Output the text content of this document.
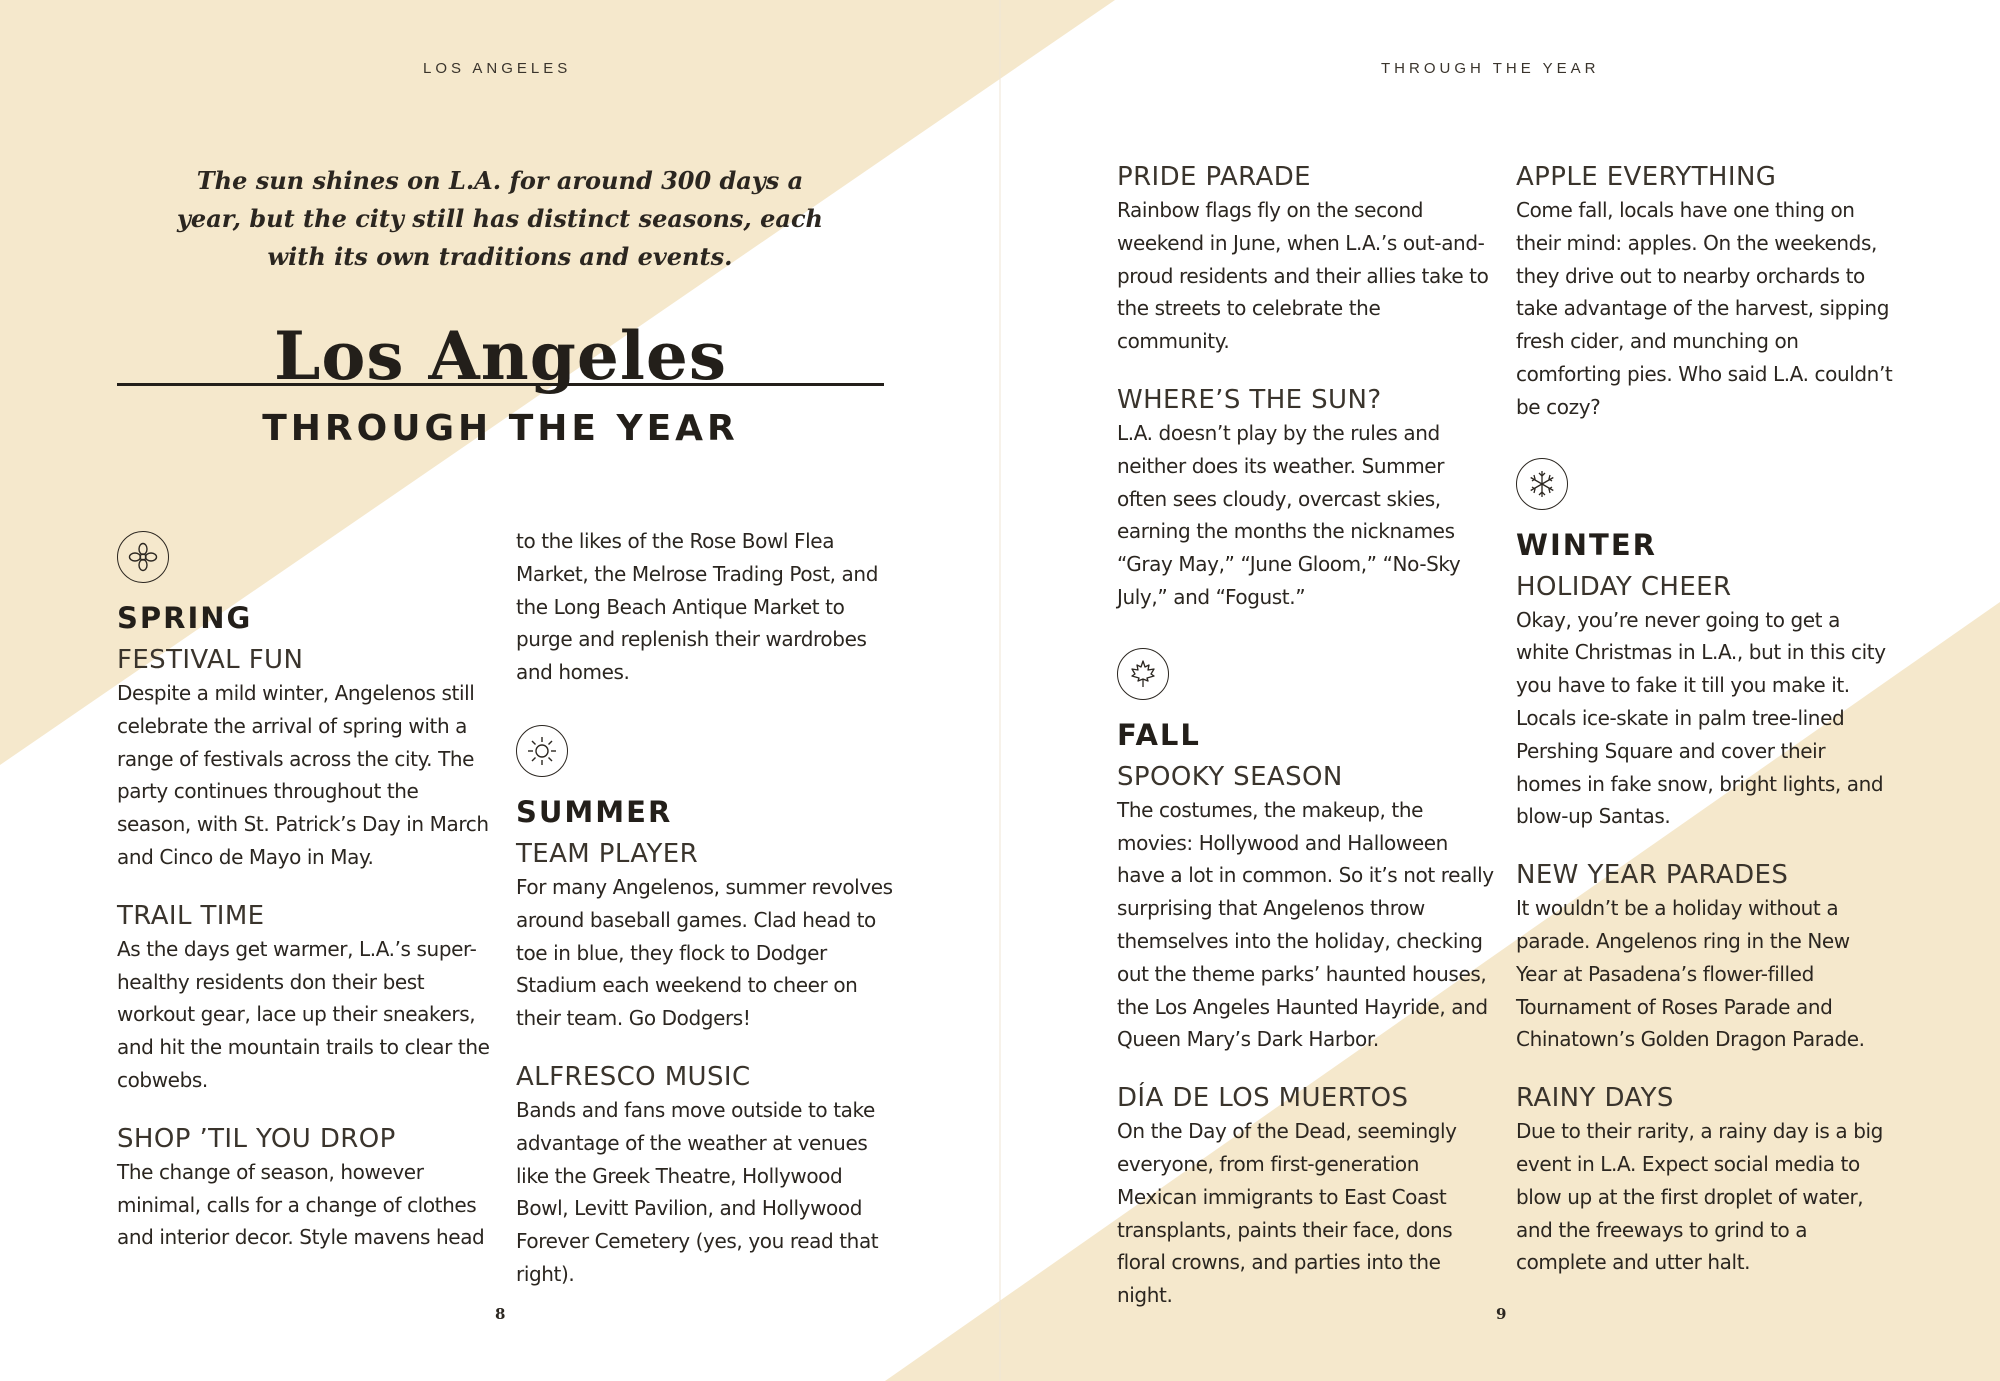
LOS ANGELES
The sun shines on L.A. for around 300 days a year, but the city still has distinct seasons, each with its own traditions and events.
Los Angeles
THROUGH THE YEAR
SPRING

FESTIVAL FUN

Despite a mild winter, Angelenos still celebrate the arrival of spring with a range of festivals across the city. The party continues throughout the season, with St. Patrick’s Day in March and Cinco de Mayo in May.

TRAIL TIME

As the days get warmer, L.A.’s super-healthy residents don their best workout gear, lace up their sneakers, and hit the mountain trails to clear the cobwebs.

SHOP ’TIL YOU DROP

The change of season, however minimal, calls for a change of clothes and interior decor. Style mavens head

to the likes of the Rose Bowl Flea Market, the Melrose Trading Post, and the Long Beach Antique Market to purge and replenish their wardrobes and homes.

SUMMER

TEAM PLAYER

For many Angelenos, summer revolves around baseball games. Clad head to toe in blue, they flock to Dodger Stadium each weekend to cheer on their team. Go Dodgers!

ALFRESCO MUSIC

Bands and fans move outside to take advantage of the weather at venues like the Greek Theatre, Hollywood Bowl, Levitt Pavilion, and Hollywood Forever Cemetery (yes, you read that right).

8
THROUGH THE YEAR

PRIDE PARADE

Rainbow flags fly on the second weekend in June, when L.A.’s out-and-proud residents and their allies take to the streets to celebrate the community.

WHERE’S THE SUN?

L.A. doesn’t play by the rules and neither does its weather. Summer often sees cloudy, overcast skies, earning the months the nicknames “Gray May,” “June Gloom,” “No-Sky July,” and “Fogust.”

FALL

SPOOKY SEASON

The costumes, the makeup, the movies: Hollywood and Halloween have a lot in common. So it’s not really surprising that Angelenos throw themselves into the holiday, checking out the theme parks’ haunted houses, the Los Angeles Haunted Hayride, and Queen Mary’s Dark Harbor.

DÍA DE LOS MUERTOS

On the Day of the Dead, seemingly everyone, from first-generation Mexican immigrants to East Coast transplants, paints their face, dons floral crowns, and parties into the night.

APPLE EVERYTHING

Come fall, locals have one thing on their mind: apples. On the weekends, they drive out to nearby orchards to take advantage of the harvest, sipping fresh cider, and munching on comforting pies. Who said L.A. couldn’t be cozy?

WINTER

HOLIDAY CHEER

Okay, you’re never going to get a white Christmas in L.A., but in this city you have to fake it till you make it. Locals ice-skate in palm tree-lined Pershing Square and cover their homes in fake snow, bright lights, and blow-up Santas.

NEW YEAR PARADES

It wouldn’t be a holiday without a parade. Angelenos ring in the New Year at Pasadena’s flower-filled Tournament of Roses Parade and Chinatown’s Golden Dragon Parade.

RAINY DAYS

Due to their rarity, a rainy day is a big event in L.A. Expect social media to blow up at the first droplet of water, and the freeways to grind to a complete and utter halt.

9
